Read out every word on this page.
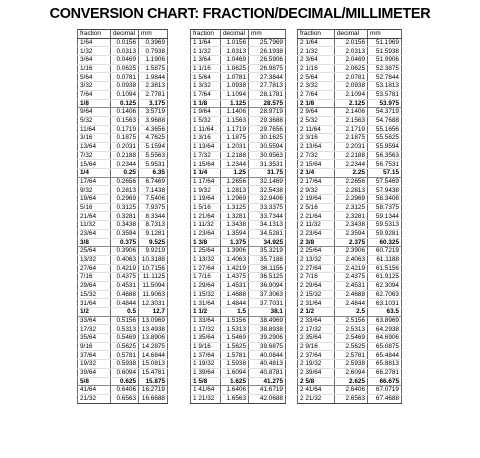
CONVERSION CHART: FRACTION/DECIMAL/MILLIMETER
fraction	decimal	mm
1/64	0.0156	0.3969
1/32	0.0313	0.7938
3/64	0.0469	1.1906
1/16	0.0625	1.5875
5/64	0.0781	1.9844
3/32	0.0938	2.3813
7/64	0.1094	2.7781
1/8	0.125	3.175
9/64	0.1406	3.5719
5/32	0.1563	3.9688
11/64	0.1719	4.3656
3/16	0.1875	4.7625
13/64	0.2031	5.1594
7/32	0.2188	5.5563
15/64	0.2344	5.9531
1/4	0.25	6.35
17/64	0.2656	6.7469
9/32	0.2813	7.1438
19/64	0.2969	7.5406
5/16	0.3125	7.9375
21/64	0.3281	8.3344
11/32	0.3438	8.7313
23/64	0.3594	9.1281
3/8	0.375	9.525
25/64	0.3906	9.9219
13/32	0.4063	10.3188
27/64	0.4219	10.7156
7/16	0.4375	11.1125
29/64	0.4531	11.5094
15/32	0.4688	11.9063
31/64	0.4844	12.3031
1/2	0.5	12.7
33/64	0.5156	13.0969
17/32	0.5313	13.4938
35/64	0.5469	13.8906
9/16	0.5625	14.2875
37/64	0.5781	14.6844
19/32	0.5938	15.0813
39/64	0.6094	15.4781
5/8	0.625	15.875
41/64	0.6406	16.2719
21/32	0.6563	16.6688
fraction	decimal	mm
1 1/64	1.0156	25.7969
1 1/32	1.0313	26.1938
1 3/64	1.0469	26.5906
1 1/16	1.0625	26.9875
1 5/64	1.0781	27.3844
1 3/32	1.0938	27.7813
1 7/64	1.1094	28.1781
1 1/8	1.125	28.575
1 9/64	1.1406	28.9719
1 5/32	1.1563	29.3688
1 11/64	1.1719	29.7656
1 3/16	1.1875	30.1625
1 13/64	1.2031	30.5594
1 7/32	1.2188	30.9563
1 15/64	1.2344	31.3531
1 1/4	1.25	31.75
1 17/64	1.2656	32.1469
1 9/32	1.2813	32.5438
1 19/64	1.2969	32.9406
1 5/16	1.3125	33.3375
1 21/64	1.3281	33.7344
1 11/32	1.3438	34.1313
1 23/64	1.3594	34.5281
1 3/8	1.375	34.925
1 25/64	1.3906	35.3219
1 13/32	1.4063	35.7188
1 27/64	1.4219	36.1156
1 7/16	1.4375	36.5125
1 29/64	1.4531	36.9094
1 15/32	1.4688	37.3063
1 31/64	1.4844	37.7031
1 1/2	1.5	38.1
1 33/64	1.5156	38.4969
1 17/32	1.5313	38.8938
1 35/64	1.5469	39.2906
1 9/16	1.5625	39.6875
1 37/64	1.5781	40.0844
1 19/32	1.5938	40.4813
1 39/64	1.6094	40.8781
1 5/8	1.625	41.275
1 41/64	1.6406	41.6719
1 21/32	1.6563	42.0688
fraction	decimal	mm
2 1/64	2.0156	51.1969
2 1/32	2.0313	51.5938
2 3/64	2.0469	51.9906
2 1/16	2.0625	52.3875
2 5/64	2.0781	52.7844
2 3/32	2.0938	53.1813
2 7/64	2.1094	53.5781
2 1/8	2.125	53.975
2 9/64	2.1406	54.3719
2 5/32	2.1563	54.7688
2 11/64	2.1719	55.1656
2 3/16	2.1875	55.5625
2 13/64	2.2031	55.9594
2 7/32	2.2188	56.3563
2 15/64	2.2344	56.7531
2 1/4	2.25	57.15
2 17/64	2.2656	57.5469
2 9/32	2.2813	57.9438
2 19/64	2.2969	58.3406
2 5/16	2.3125	58.7375
2 21/64	2.3281	59.1344
2 11/32	2.3438	59.5313
2 23/64	2.3594	59.9281
2 3/8	2.375	60.325
2 25/64	2.3906	60.7219
2 13/32	2.4063	61.1188
2 27/64	2.4219	61.5156
2 7/16	2.4375	61.9125
2 29/64	2.4531	62.3094
2 15/32	2.4688	62.7063
2 31/64	2.4844	63.1031
2 1/2	2.5	63.5
2 33/64	2.5156	63.8969
2 17/32	2.5313	64.2938
2 35/64	2.5469	64.6906
2 9/16	2.5625	65.0875
2 37/64	2.5781	65.4844
2 19/32	2.5938	65.8813
2 39/64	2.6094	66.2781
2 5/8	2.625	66.675
2 41/64	2.6406	67.0719
2 21/32	2.6563	67.4688
